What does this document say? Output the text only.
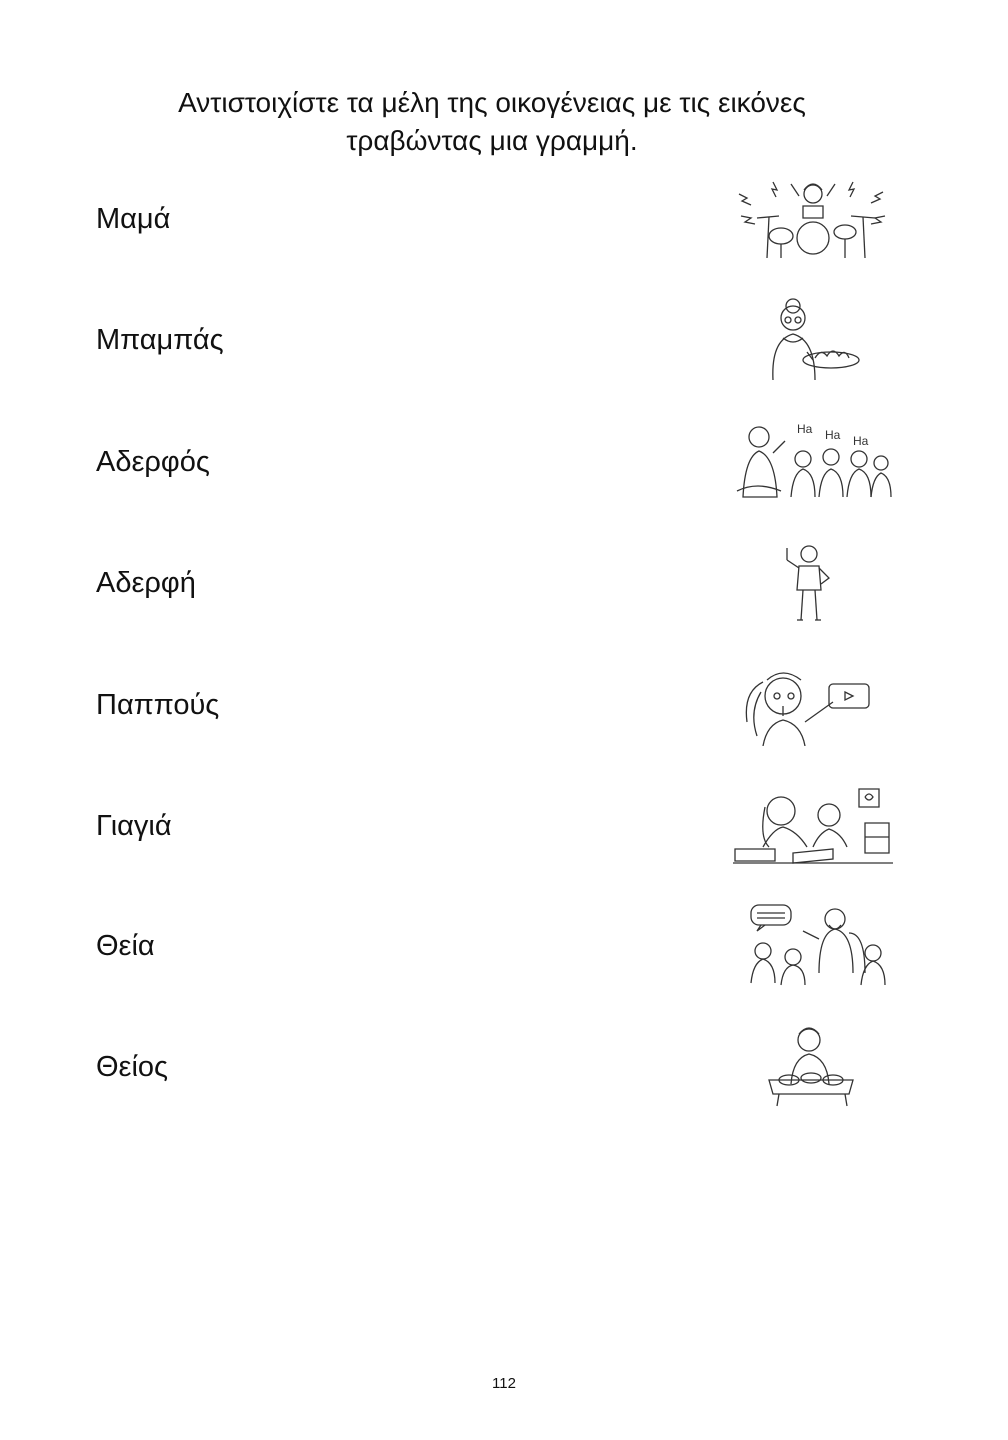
Αντιστοιχίστε τα μέλη της οικογένειας με τις εικόνες
τραβώντας μια γραμμή.
Μαμά
Μπαμπάς
Αδερφός
Αδερφή
Παππούς
Γιαγιά
Θεία
Θείος
Ha Ha Ha
112
